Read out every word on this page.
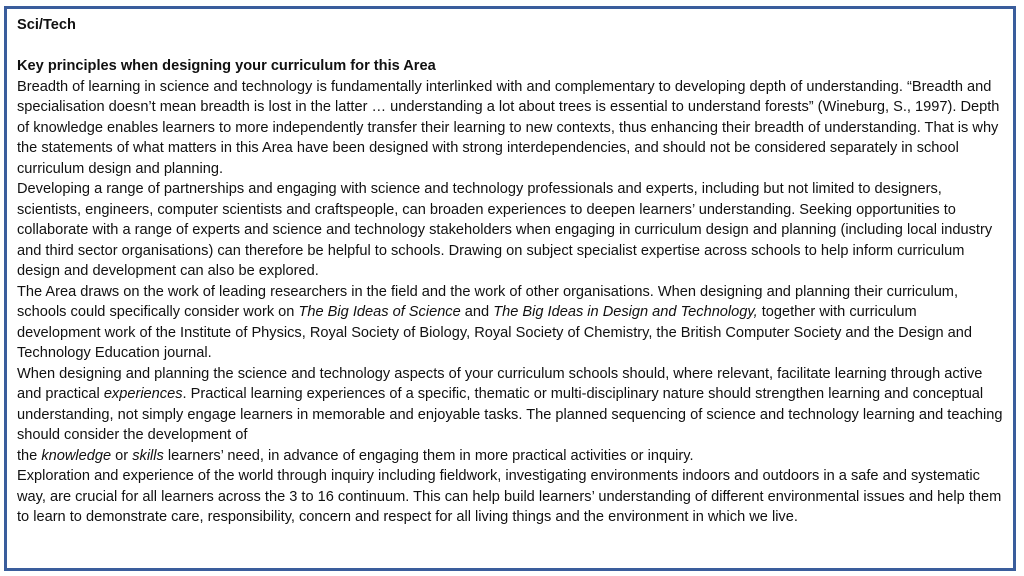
Sci/Tech

Key principles when designing your curriculum for this Area

Breadth of learning in science and technology is fundamentally interlinked with and complementary to developing depth of understanding. “Breadth and specialisation doesn’t mean breadth is lost in the latter … understanding a lot about trees is essential to understand forests” (Wineburg, S., 1997). Depth of knowledge enables learners to more independently transfer their learning to new contexts, thus enhancing their breadth of understanding. That is why the statements of what matters in this Area have been designed with strong interdependencies, and should not be considered separately in school curriculum design and planning.

Developing a range of partnerships and engaging with science and technology professionals and experts, including but not limited to designers, scientists, engineers, computer scientists and craftspeople, can broaden experiences to deepen learners’ understanding. Seeking opportunities to collaborate with a range of experts and science and technology stakeholders when engaging in curriculum design and planning (including local industry and third sector organisations) can therefore be helpful to schools. Drawing on subject specialist expertise across schools to help inform curriculum design and development can also be explored.

The Area draws on the work of leading researchers in the field and the work of other organisations. When designing and planning their curriculum, schools could specifically consider work on The Big Ideas of Science and The Big Ideas in Design and Technology, together with curriculum development work of the Institute of Physics, Royal Society of Biology, Royal Society of Chemistry, the British Computer Society and the Design and Technology Education journal.

When designing and planning the science and technology aspects of your curriculum schools should, where relevant, facilitate learning through active and practical experiences. Practical learning experiences of a specific, thematic or multi-disciplinary nature should strengthen learning and conceptual understanding, not simply engage learners in memorable and enjoyable tasks. The planned sequencing of science and technology learning and teaching should consider the development of
the knowledge or skills learners’ need, in advance of engaging them in more practical activities or inquiry.

Exploration and experience of the world through inquiry including fieldwork, investigating environments indoors and outdoors in a safe and systematic way, are crucial for all learners across the 3 to 16 continuum. This can help build learners’ understanding of different environmental issues and help them to learn to demonstrate care, responsibility, concern and respect for all living things and the environment in which we live.
